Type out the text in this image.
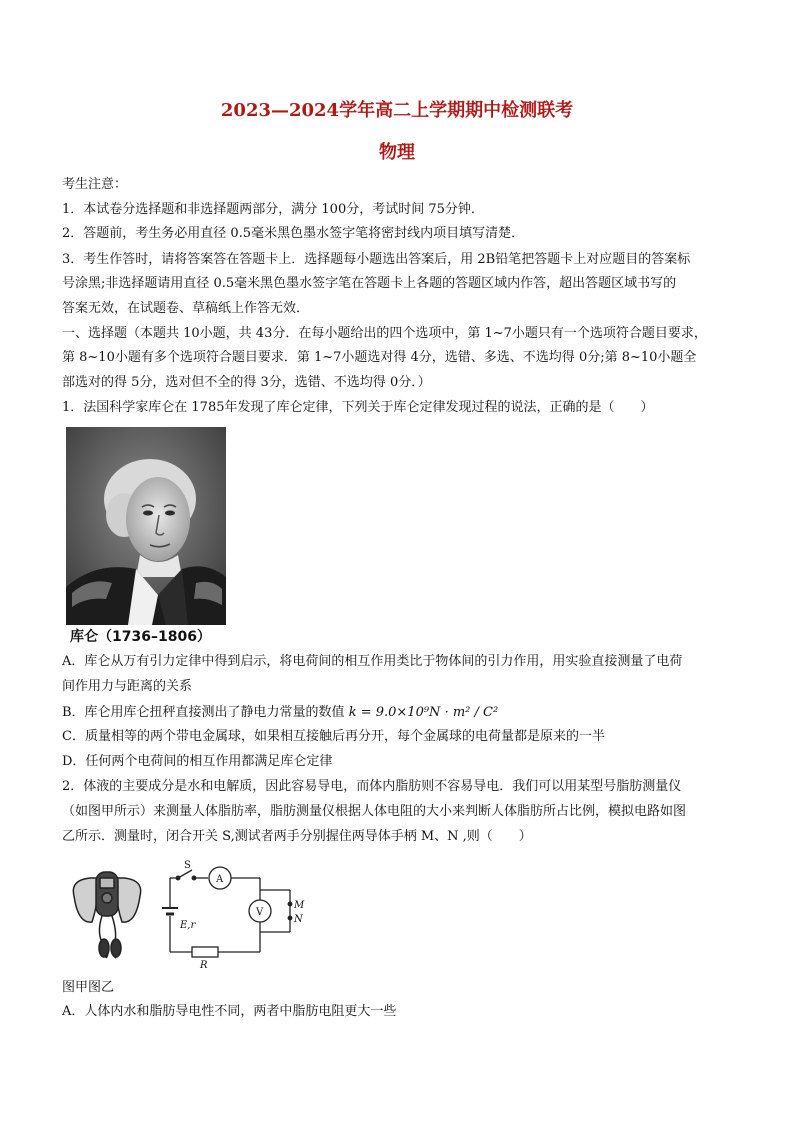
2023—2024学年高二上学期期中检测联考
物理
考生注意：
1．本试卷分选择题和非选择题两部分，满分 100分，考试时间 75分钟．
2．答题前，考生务必用直径 0.5毫米黑色墨水签字笔将密封线内项目填写清楚．
3．考生作答时，请将答案答在答题卡上．选择题每小题选出答案后，用 2B铅笔把答题卡上对应题目的答案标
号涂黑;非选择题请用直径 0.5毫米黑色墨水签字笔在答题卡上各题的答题区域内作答，超出答题区域书写的
答案无效，在试题卷、草稿纸上作答无效．
一、选择题（本题共 10小题，共 43分．在每小题给出的四个选项中，第 1~7小题只有一个选项符合题目要求，
第 8~10小题有多个选项符合题目要求．第 1~7小题选对得 4分，选错、多选、不选均得 0分;第 8~10小题全
部选对的得 5分，选对但不全的得 3分，选错、不选均得 0分．）
1．法国科学家库仑在 1785年发现了库仑定律，下列关于库仑定律发现过程的说法，正确的是（　　）
库仑（1736–1806）
A．库仑从万有引力定律中得到启示，将电荷间的相互作用类比于物体间的引力作用，用实验直接测量了电荷
间作用力与距离的关系
B．库仑用库仑扭秤直接测出了静电力常量的数值 k = 9.0×10⁹N · m² / C²
C．质量相等的两个带电金属球，如果相互接触后再分开，每个金属球的电荷量都是原来的一半
D．任何两个电荷间的相互作用都满足库仑定律
2．体液的主要成分是水和电解质，因此容易导电，而体内脂肪则不容易导电．我们可以用某型号脂肪测量仪
（如图甲所示）来测量人体脂肪率，脂肪测量仪根据人体电阻的大小来判断人体脂肪所占比例，模拟电路如图
乙所示．测量时，闭合开关 S,测试者两手分别握住两导体手柄 M、N ,则（　　）
S
A
V
M
N
E,r
R
图甲图乙
A．人体内水和脂肪导电性不同，两者中脂肪电阻更大一些
